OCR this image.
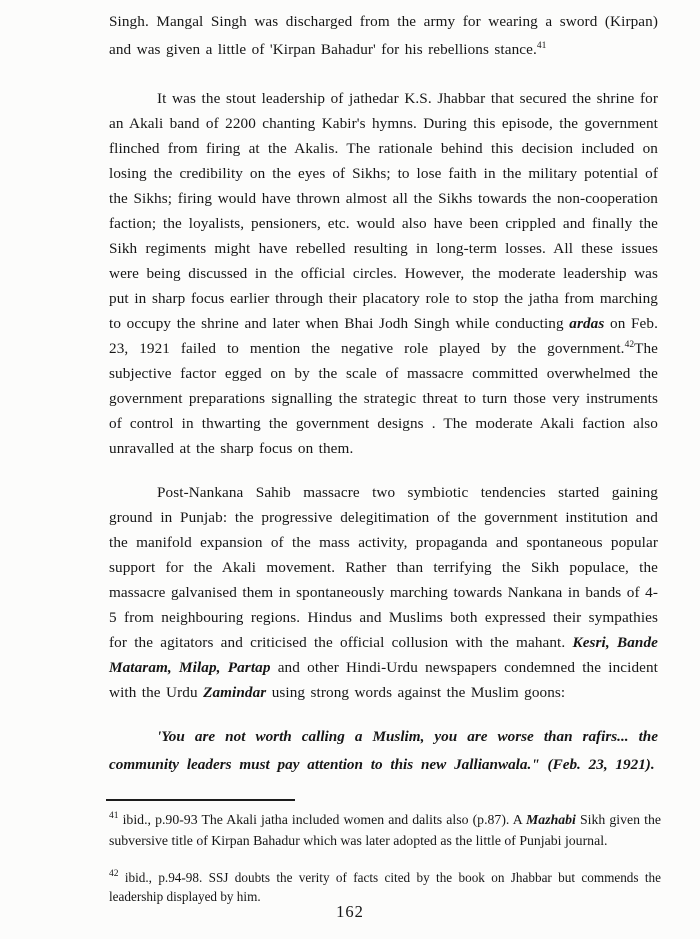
Singh. Mangal Singh was discharged from the army for wearing a sword (Kirpan) and was given a little of 'Kirpan Bahadur' for his rebellions stance.$^{41}$

It was the stout leadership of jathedar K.S. Jhabbar that secured the shrine for an Akali band of 2200 chanting Kabir's hymns. During this episode, the government flinched from firing at the Akalis. The rationale behind this decision included on losing the credibility on the eyes of Sikhs; to lose faith in the military potential of the Sikhs; firing would have thrown almost all the Sikhs towards the non-cooperation faction; the loyalists, pensioners, etc. would also have been crippled and finally the Sikh regiments might have rebelled resulting in long-term losses. All these issues were being discussed in the official circles. However, the moderate leadership was put in sharp focus earlier through their placatory role to stop the jatha from marching to occupy the shrine and later when Bhai Jodh Singh while conducting ardas on Feb. 23, 1921 failed to mention the negative role played by the government.$^{42}$The subjective factor egged on by the scale of massacre committed overwhelmed the government preparations signalling the strategic threat to turn those very instruments of control in thwarting the government designs . The moderate Akali faction also unravalled at the sharp focus on them.

Post-Nankana Sahib massacre two symbiotic tendencies started gaining ground in Punjab: the progressive delegitimation of the government institution and the manifold expansion of the mass activity, propaganda and spontaneous popular support for the Akali movement. Rather than terrifying the Sikh populace, the massacre galvanised them in spontaneously marching towards Nankana in bands of 4-5 from neighbouring regions. Hindus and Muslims both expressed their sympathies for the agitators and criticised the official collusion with the mahant. Kesri, Bande Mataram, Milap, Partap and other Hindi-Urdu newspapers condemned the incident with the Urdu Zamindar using strong words against the Muslim goons:

'You are not worth calling a Muslim, you are worse than rafirs... the community leaders must pay attention to this new Jallianwala." (Feb. 23, 1921).

$^{41}$ ibid., p.90-93 The Akali jatha included women and dalits also (p.87). A Mazhabi Sikh given the subversive title of Kirpan Bahadur which was later adopted as the little of Punjabi journal.

$^{42}$ ibid., p.94-98. SSJ doubts the verity of facts cited by the book on Jhabbar but commends the leadership displayed by him.

162
